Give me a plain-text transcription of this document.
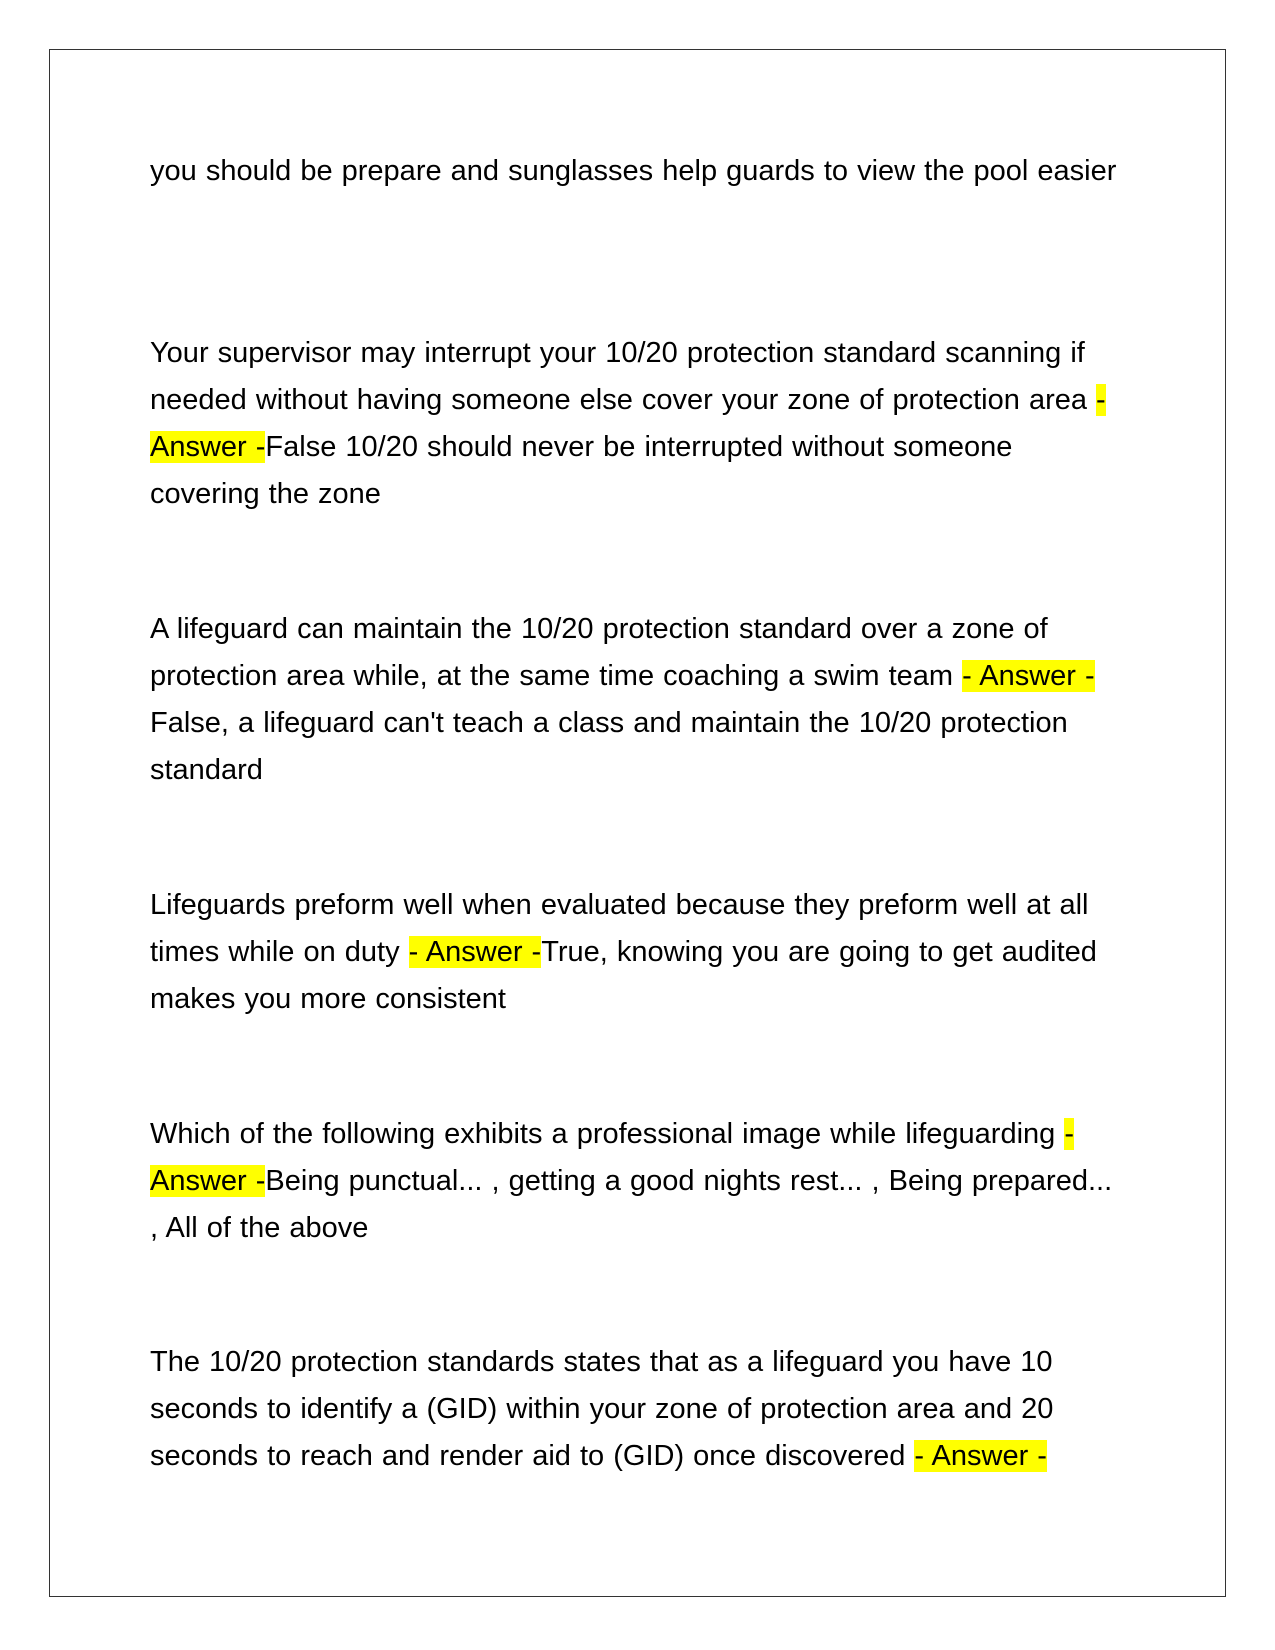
you should be prepare and sunglasses help guards to view the pool easier

Your supervisor may interrupt your 10/20 protection standard scanning if needed without having someone else cover your zone of protection area - Answer -False 10/20 should never be interrupted without someone covering the zone

A lifeguard can maintain the 10/20 protection standard over a zone of protection area while, at the same time coaching a swim team - Answer -False, a lifeguard can't teach a class and maintain the 10/20 protection standard

Lifeguards preform well when evaluated because they preform well at all times while on duty - Answer -True, knowing you are going to get audited makes you more consistent

Which of the following exhibits a professional image while lifeguarding - Answer -Being punctual... , getting a good nights rest... , Being prepared... , All of the above

The 10/20 protection standards states that as a lifeguard you have 10 seconds to identify a (GID) within your zone of protection area and 20 seconds to reach and render aid to (GID) once discovered - Answer -
